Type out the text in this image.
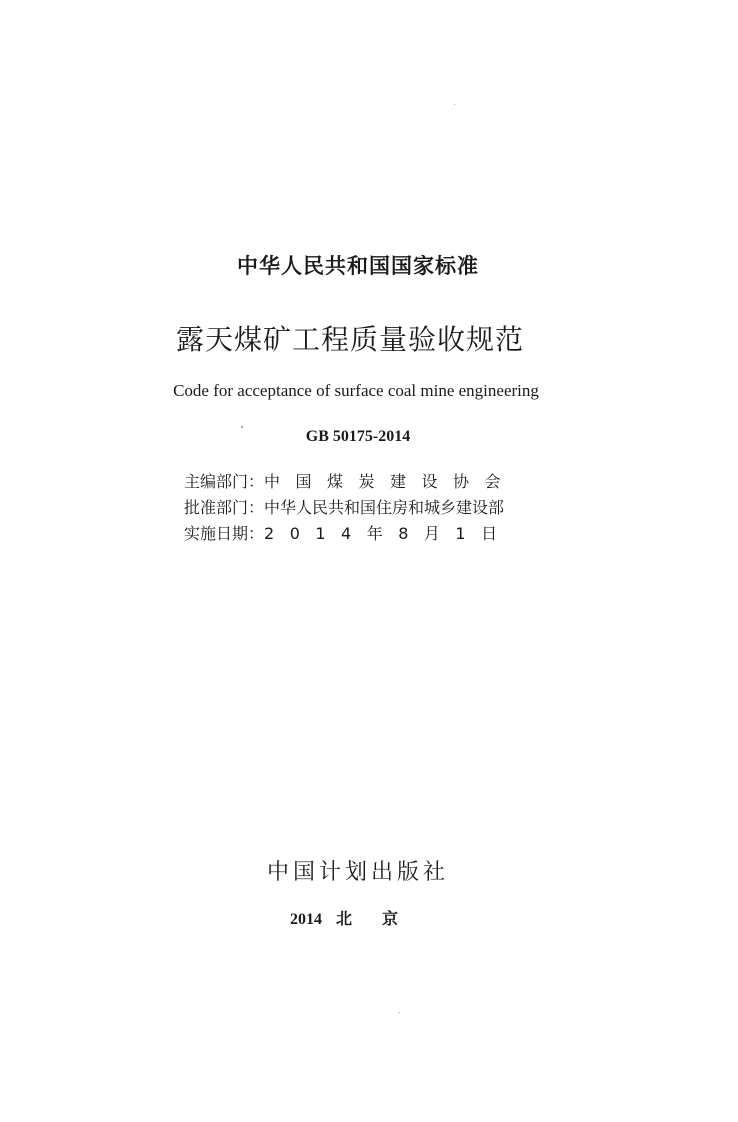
中华人民共和国国家标准
露天煤矿工程质量验收规范
Code for acceptance of surface coal mine engineering
GB 50175-2014
主编部门：中国煤炭建设协会
批准部门：中华人民共和国住房和城乡建设部
实施日期：2014年8月1日
中国计划出版社
2014 北京
